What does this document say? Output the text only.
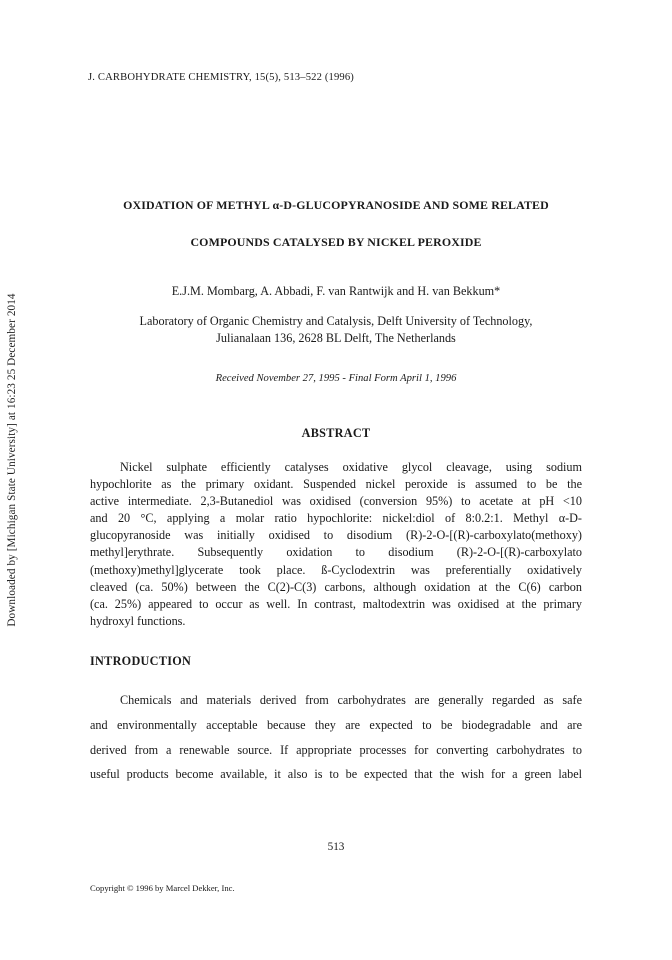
Downloaded by [Michigan State University] at 16:23 25 December 2014
J. CARBOHYDRATE CHEMISTRY, 15(5), 513–522 (1996)
OXIDATION OF METHYL α-D-GLUCOPYRANOSIDE AND SOME RELATED
COMPOUNDS CATALYSED BY NICKEL PEROXIDE
E.J.M. Mombarg, A. Abbadi, F. van Rantwijk and H. van Bekkum*
Laboratory of Organic Chemistry and Catalysis, Delft University of Technology,
Julianalaan 136, 2628 BL Delft, The Netherlands
Received November 27, 1995 - Final Form April 1, 1996
ABSTRACT
Nickel sulphate efficiently catalyses oxidative glycol cleavage, using sodium
hypochlorite as the primary oxidant. Suspended nickel peroxide is assumed to be the
active intermediate. 2,3-Butanediol was oxidised (conversion 95%) to acetate at pH <10
and 20 °C, applying a molar ratio hypochlorite: nickel:diol of 8:0.2:1. Methyl α-D-
glucopyranoside was initially oxidised to disodium (R)-2-O-[(R)-carboxylato(methoxy)
methyl]erythrate. Subsequently oxidation to disodium (R)-2-O-[(R)-carboxylato
(methoxy)methyl]glycerate took place. ß-Cyclodextrin was preferentially oxidatively
cleaved (ca. 50%) between the C(2)-C(3) carbons, although oxidation at the C(6) carbon
(ca. 25%) appeared to occur as well. In contrast, maltodextrin was oxidised at the primary
hydroxyl functions.
INTRODUCTION
Chemicals and materials derived from carbohydrates are generally regarded as safe
and environmentally acceptable because they are expected to be biodegradable and are
derived from a renewable source. If appropriate processes for converting carbohydrates to
useful products become available, it also is to be expected that the wish for a green label
513
Copyright © 1996 by Marcel Dekker, Inc.
